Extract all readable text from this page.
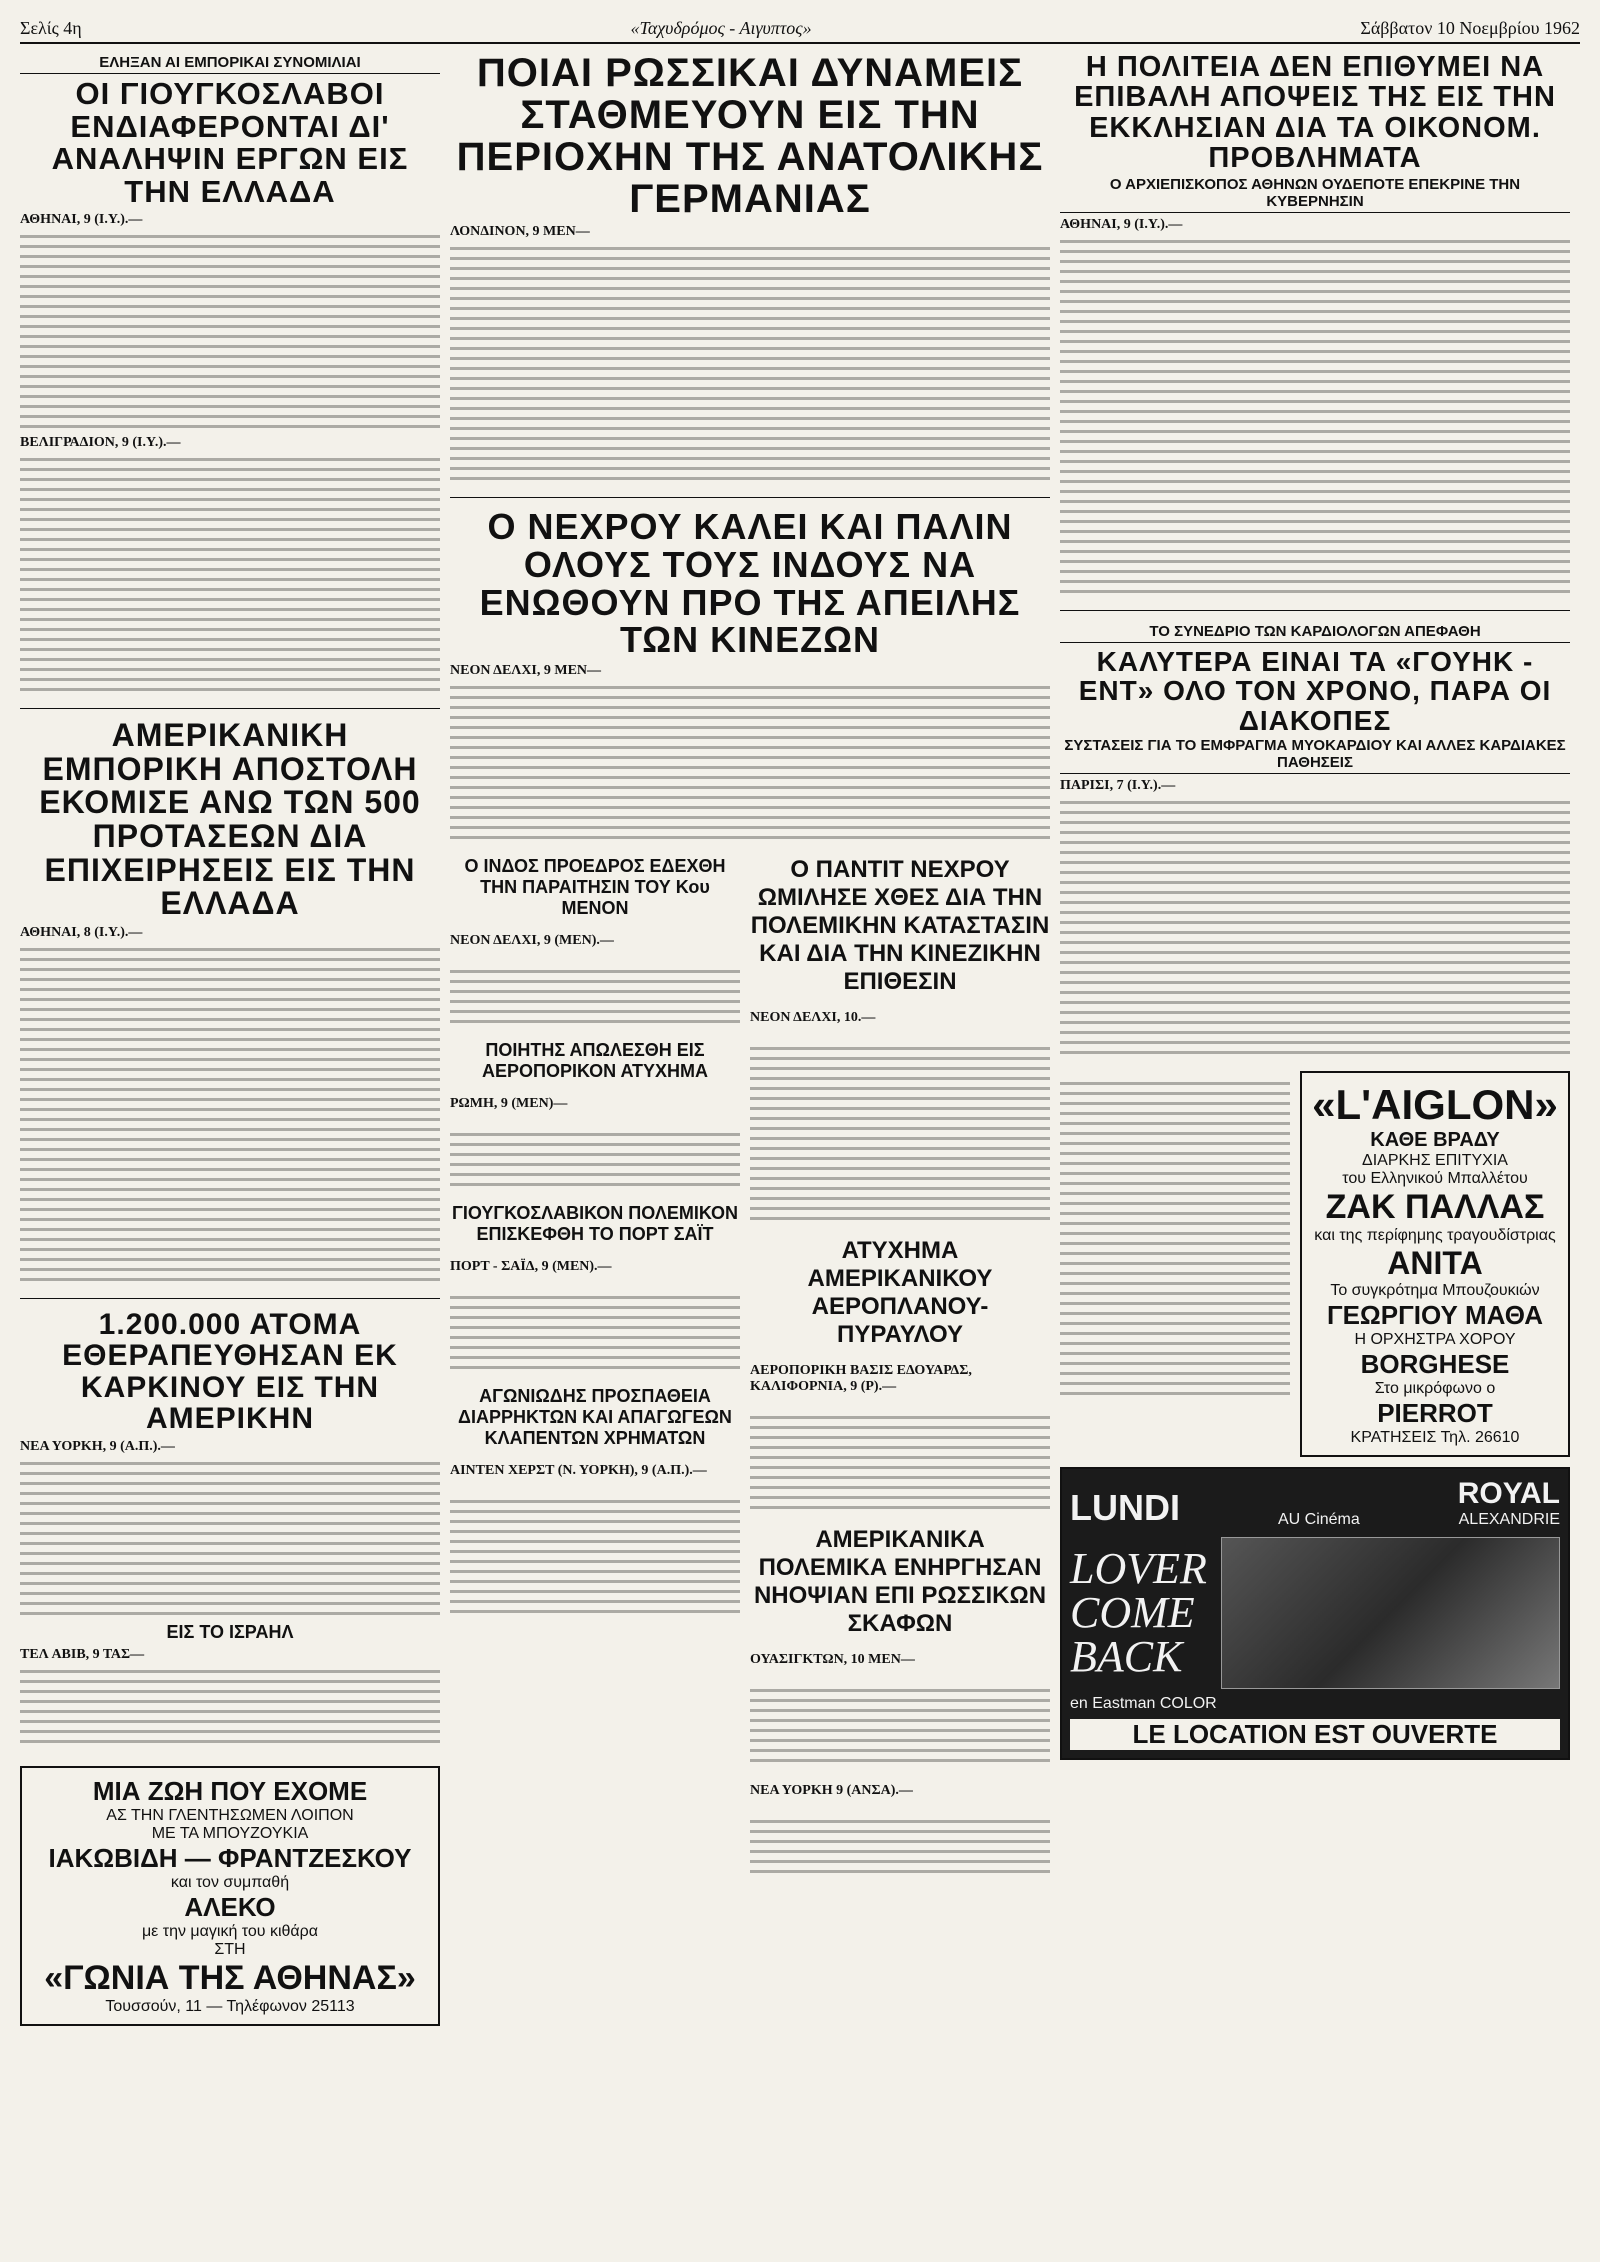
Σελίς 4η	«Ταχυδρόμος - Αιγυπτος»	Σάββατον 10 Νοεμβρίου 1962
ΕΛΗΞΑΝ ΑΙ ΕΜΠΟΡΙΚΑΙ ΣΥΝΟΜΙΛΙΑΙ
ΟΙ ΓΙΟΥΓΚΟΣΛΑΒΟΙ ΕΝΔΙΑΦΕΡΟΝΤΑΙ ΔΙ' ΑΝΑΛΗΨΙΝ ΕΡΓΩΝ ΕΙΣ ΤΗΝ ΕΛΛΑΔΑ
ΑΘΗΝΑΙ, 9 (Ι.Υ.).—
ΒΕΛΙΓΡΑΔΙΟΝ, 9 (Ι.Υ.).—
ΑΜΕΡΙΚΑΝΙΚΗ ΕΜΠΟΡΙΚΗ ΑΠΟΣΤΟΛΗ ΕΚΟΜΙΣΕ ΑΝΩ ΤΩΝ 500 ΠΡΟΤΑΣΕΩΝ ΔΙΑ ΕΠΙΧΕΙΡΗΣΕΙΣ ΕΙΣ ΤΗΝ ΕΛΛΑΔΑ
ΑΘΗΝΑΙ, 8 (Ι.Υ.).—
1.200.000 ΑΤΟΜΑ ΕΘΕΡΑΠΕΥΘΗΣΑΝ ΕΚ ΚΑΡΚΙΝΟΥ ΕΙΣ ΤΗΝ ΑΜΕΡΙΚΗΝ
ΝΕΑ ΥΟΡΚΗ, 9 (Α.Π.).—
ΕΙΣ ΤΟ ΙΣΡΑΗΛ
ΤΕΛ ΑΒΙΒ, 9 ΤΑΣ—
ΜΙΑ ΖΩΗ ΠΟΥ ΕΧΟΜΕ
ΑΣ ΤΗΝ ΓΛΕΝΤΗΣΩΜΕΝ ΛΟΙΠΟΝ
ΜΕ ΤΑ ΜΠΟΥΖΟΥΚΙΑ
ΙΑΚΩΒΙΔΗ — ΦΡΑΝΤΖΕΣΚΟΥ
και τον συμπαθή
ΑΛΕΚΟ
με την μαγική του κιθάρα
ΣΤΗ
«ΓΩΝΙΑ ΤΗΣ ΑΘΗΝΑΣ»
Τουσσούν, 11 — Τηλέφωνον 25113
ΠΟΙΑΙ ΡΩΣΣΙΚΑΙ ΔΥΝΑΜΕΙΣ ΣΤΑΘΜΕΥΟΥΝ ΕΙΣ ΤΗΝ ΠΕΡΙΟΧΗΝ ΤΗΣ ΑΝΑΤΟΛΙΚΗΣ ΓΕΡΜΑΝΙΑΣ
ΛΟΝΔΙΝΟΝ, 9 ΜΕΝ—
Ο ΝΕΧΡΟΥ ΚΑΛΕΙ ΚΑΙ ΠΑΛΙΝ ΟΛΟΥΣ ΤΟΥΣ ΙΝΔΟΥΣ ΝΑ ΕΝΩΘΟΥΝ ΠΡΟ ΤΗΣ ΑΠΕΙΛΗΣ ΤΩΝ ΚΙΝΕΖΩΝ
ΝΕΟΝ ΔΕΛΧΙ, 9 ΜΕΝ—
Ο ΙΝΔΟΣ ΠΡΟΕΔΡΟΣ ΕΔΕΧΘΗ ΤΗΝ ΠΑΡΑΙΤΗΣΙΝ ΤΟΥ Κου ΜΕΝΟΝ
ΝΕΟΝ ΔΕΛΧΙ, 9 (ΜΕΝ).—
ΠΟΙΗΤΗΣ ΑΠΩΛΕΣΘΗ ΕΙΣ ΑΕΡΟΠΟΡΙΚΟΝ ΑΤΥΧΗΜΑ
ΡΩΜΗ, 9 (ΜΕΝ)—
ΓΙΟΥΓΚΟΣΛΑΒΙΚΟΝ ΠΟΛΕΜΙΚΟΝ ΕΠΙΣΚΕΦΘΗ ΤΟ ΠΟΡΤ ΣΑΪΤ
ΠΟΡΤ - ΣΑΪΔ, 9 (ΜΕΝ).—
ΑΓΩΝΙΩΔΗΣ ΠΡΟΣΠΑΘΕΙΑ ΔΙΑΡΡΗΚΤΩΝ ΚΑΙ ΑΠΑΓΩΓΕΩΝ ΚΛΑΠΕΝΤΩΝ ΧΡΗΜΑΤΩΝ
ΑΙΝΤΕΝ ΧΕΡΣΤ (Ν. ΥΟΡΚΗ), 9 (Α.Π.).—
Ο ΠΑΝΤΙΤ ΝΕΧΡΟΥ ΩΜΙΛΗΣΕ ΧΘΕΣ ΔΙΑ ΤΗΝ ΠΟΛΕΜΙΚΗΝ ΚΑΤΑΣΤΑΣΙΝ ΚΑΙ ΔΙΑ ΤΗΝ ΚΙΝΕΖΙΚΗΝ ΕΠΙΘΕΣΙΝ
ΝΕΟΝ ΔΕΛΧΙ, 10.—
ΑΤΥΧΗΜΑ ΑΜΕΡΙΚΑΝΙΚΟΥ ΑΕΡΟΠΛΑΝΟΥ-ΠΥΡΑΥΛΟΥ
ΑΕΡΟΠΟΡΙΚΗ ΒΑΣΙΣ ΕΔΟΥΑΡΔΣ, ΚΑΛΙΦΟΡΝΙΑ, 9 (Ρ).—
ΑΜΕΡΙΚΑΝΙΚΑ ΠΟΛΕΜΙΚΑ ΕΝΗΡΓΗΣΑΝ ΝΗΟΨΙΑΝ ΕΠΙ ΡΩΣΣΙΚΩΝ ΣΚΑΦΩΝ
ΟΥΑΣΙΓΚΤΩΝ, 10 ΜΕΝ—
ΝΕΑ ΥΟΡΚΗ 9 (ΑΝΣΑ).—
Η ΠΟΛΙΤΕΙΑ ΔΕΝ ΕΠΙΘΥΜΕΙ ΝΑ ΕΠΙΒΑΛΗ ΑΠΟΨΕΙΣ ΤΗΣ ΕΙΣ ΤΗΝ ΕΚΚΛΗΣΙΑΝ ΔΙΑ ΤΑ ΟΙΚΟΝΟΜ. ΠΡΟΒΛΗΜΑΤΑ
Ο ΑΡΧΙΕΠΙΣΚΟΠΟΣ ΑΘΗΝΩΝ ΟΥΔΕΠΟΤΕ ΕΠΕΚΡΙΝΕ ΤΗΝ ΚΥΒΕΡΝΗΣΙΝ
ΑΘΗΝΑΙ, 9 (Ι.Υ.).—
ΤΟ ΣΥΝΕΔΡΙΟ ΤΩΝ ΚΑΡΔΙΟΛΟΓΩΝ ΑΠΕΦΑΘΗ
ΚΑΛΥΤΕΡΑ ΕΙΝΑΙ ΤΑ «ΓΟΥΗΚ - ΕΝΤ» ΟΛΟ ΤΟΝ ΧΡΟΝΟ, ΠΑΡΑ ΟΙ ΔΙΑΚΟΠΕΣ
ΣΥΣΤΑΣΕΙΣ ΓΙΑ ΤΟ ΕΜΦΡΑΓΜΑ ΜΥΟΚΑΡΔΙΟΥ ΚΑΙ ΑΛΛΕΣ ΚΑΡΔΙΑΚΕΣ ΠΑΘΗΣΕΙΣ
ΠΑΡΙΣΙ, 7 (Ι.Υ.).—
«L'AIGLON»
ΚΑΘΕ ΒΡΑΔΥ
ΔΙΑΡΚΗΣ ΕΠΙΤΥΧΙΑ
του Ελληνικού Μπαλλέτου
ΖΑΚ ΠΑΛΛΑΣ
και της περίφημης τραγουδίστριας
ΑΝΙΤΑ
Το συγκρότημα Μπουζουκιών
ΓΕΩΡΓΙΟΥ ΜΑΘΑ
Η ΟΡΧΗΣΤΡΑ ΧΟΡΟΥ
BORGHESE
Στο μικρόφωνο ο
PIERROT
ΚΡΑΤΗΣΕΙΣ Τηλ. 26610
LUNDI	AU Cinéma
ROYAL
ALEXANDRIE
LOVER
COME
BACK
en Eastman COLOR
LE LOCATION EST OUVERTE
